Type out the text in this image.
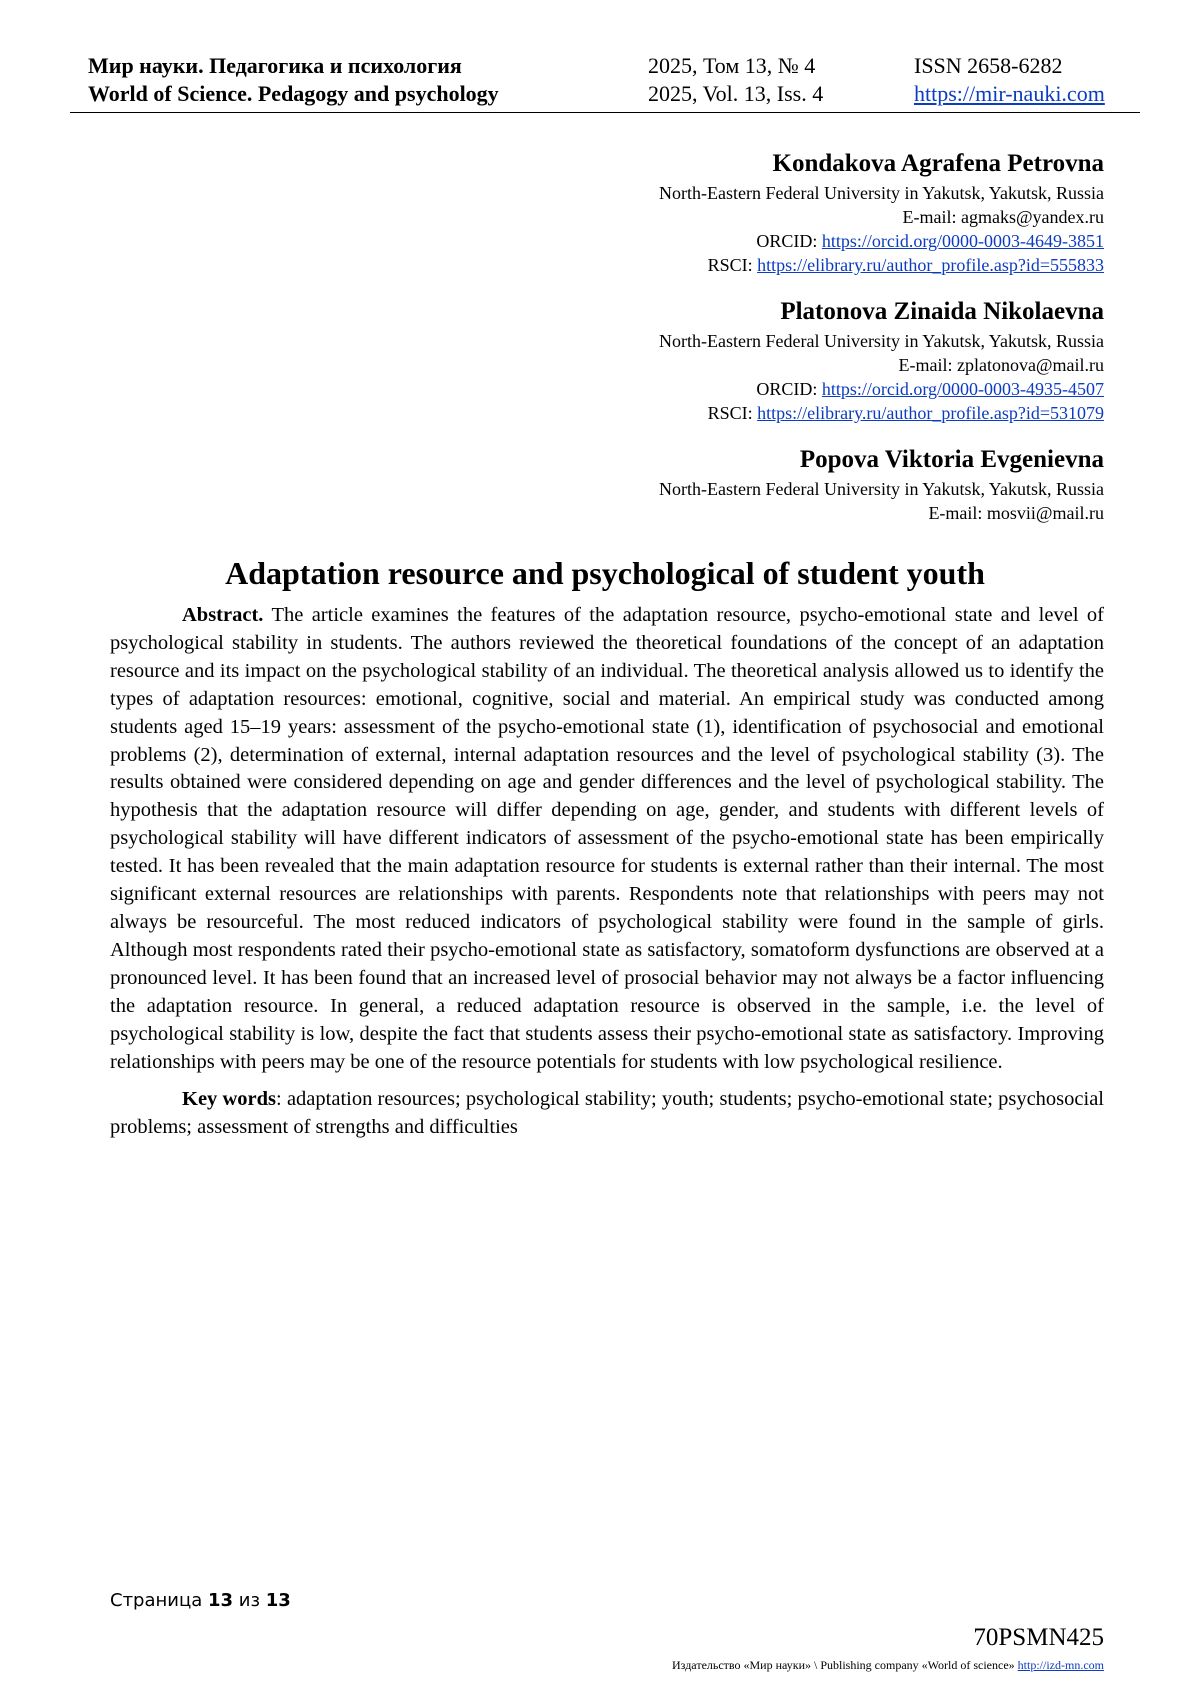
Мир науки. Педагогика и психология	2025, Том 13, № 4	ISSN 2658-6282
World of Science. Pedagogy and psychology	2025, Vol. 13, Iss. 4	https://mir-nauki.com
Kondakova Agrafena Petrovna
North-Eastern Federal University in Yakutsk, Yakutsk, Russia
E-mail: agmaks@yandex.ru
ORCID: https://orcid.org/0000-0003-4649-3851
RSCI: https://elibrary.ru/author_profile.asp?id=555833
Platonova Zinaida Nikolaevna
North-Eastern Federal University in Yakutsk, Yakutsk, Russia
E-mail: zplatonova@mail.ru
ORCID: https://orcid.org/0000-0003-4935-4507
RSCI: https://elibrary.ru/author_profile.asp?id=531079
Popova Viktoria Evgenievna
North-Eastern Federal University in Yakutsk, Yakutsk, Russia
E-mail: mosvii@mail.ru
Adaptation resource and psychological of student youth

Abstract. The article examines the features of the adaptation resource, psycho-emotional state and level of psychological stability in students. The authors reviewed the theoretical foundations of the concept of an adaptation resource and its impact on the psychological stability of an individual. The theoretical analysis allowed us to identify the types of adaptation resources: emotional, cognitive, social and material. An empirical study was conducted among students aged 15–19 years: assessment of the psycho-emotional state (1), identification of psychosocial and emotional problems (2), determination of external, internal adaptation resources and the level of psychological stability (3). The results obtained were considered depending on age and gender differences and the level of psychological stability. The hypothesis that the adaptation resource will differ depending on age, gender, and students with different levels of psychological stability will have different indicators of assessment of the psycho-emotional state has been empirically tested. It has been revealed that the main adaptation resource for students is external rather than their internal. The most significant external resources are relationships with parents. Respondents note that relationships with peers may not always be resourceful. The most reduced indicators of psychological stability were found in the sample of girls. Although most respondents rated their psycho-emotional state as satisfactory, somatoform dysfunctions are observed at a pronounced level. It has been found that an increased level of prosocial behavior may not always be a factor influencing the adaptation resource. In general, a reduced adaptation resource is observed in the sample, i.e. the level of psychological stability is low, despite the fact that students assess their psycho-emotional state as satisfactory. Improving relationships with peers may be one of the resource potentials for students with low psychological resilience.

Key words: adaptation resources; psychological stability; youth; students; psycho-emotional state; psychosocial problems; assessment of strengths and difficulties

Страница 13 из 13
70PSMN425
Издательство «Мир науки» \ Publishing company «World of science» http://izd-mn.com
